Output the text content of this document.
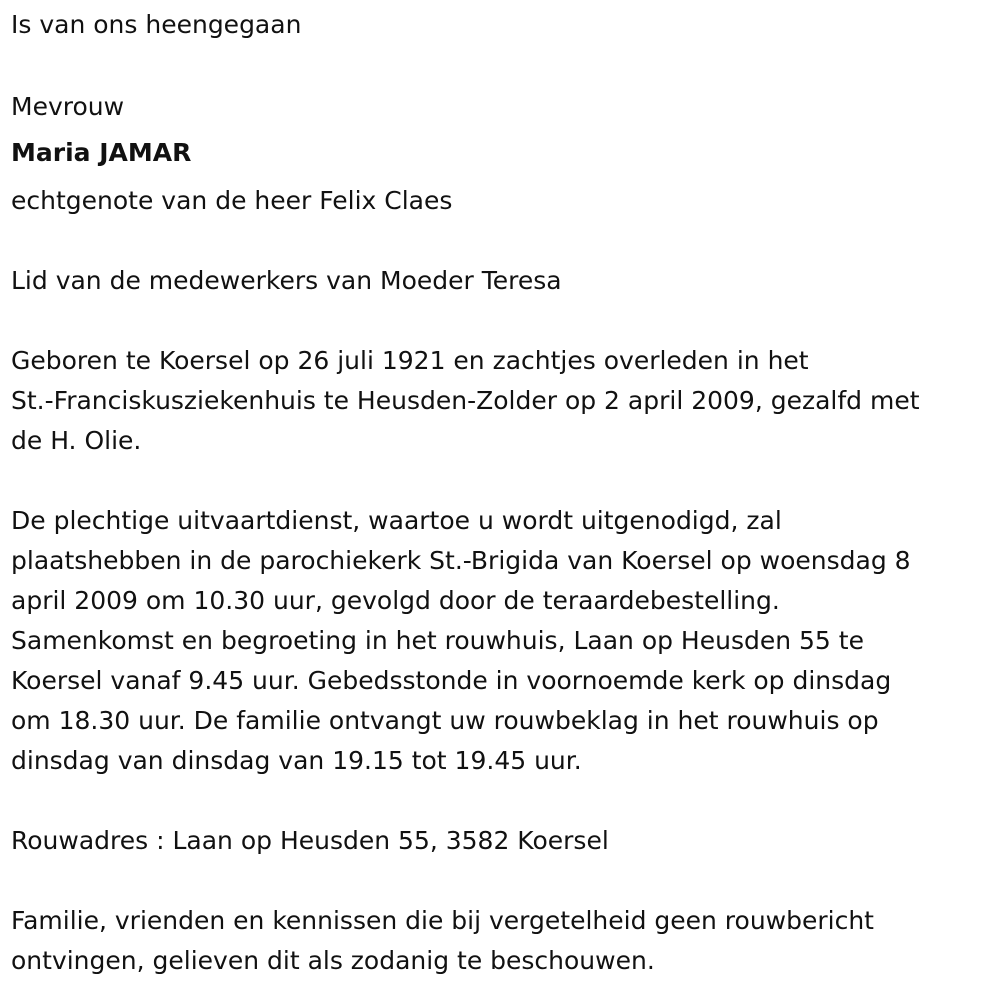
Is van ons heengegaan
Mevrouw
Maria JAMAR
echtgenote van de heer Felix Claes
Lid van de medewerkers van Moeder Teresa
Geboren te Koersel op 26 juli 1921 en zachtjes overleden in het
St.-Franciskusziekenhuis te Heusden-Zolder op 2 april 2009, gezalfd met
de H. Olie.
De plechtige uitvaartdienst, waartoe u wordt uitgenodigd, zal
plaatshebben in de parochiekerk St.-Brigida van Koersel op woensdag 8
april 2009 om 10.30 uur, gevolgd door de teraardebestelling.
Samenkomst en begroeting in het rouwhuis, Laan op Heusden 55 te
Koersel vanaf 9.45 uur. Gebedsstonde in voornoemde kerk op dinsdag
om 18.30 uur. De familie ontvangt uw rouwbeklag in het rouwhuis op
dinsdag van dinsdag van 19.15 tot 19.45 uur.
Rouwadres : Laan op Heusden 55, 3582 Koersel
Familie, vrienden en kennissen die bij vergetelheid geen rouwbericht
ontvingen, gelieven dit als zodanig te beschouwen.
